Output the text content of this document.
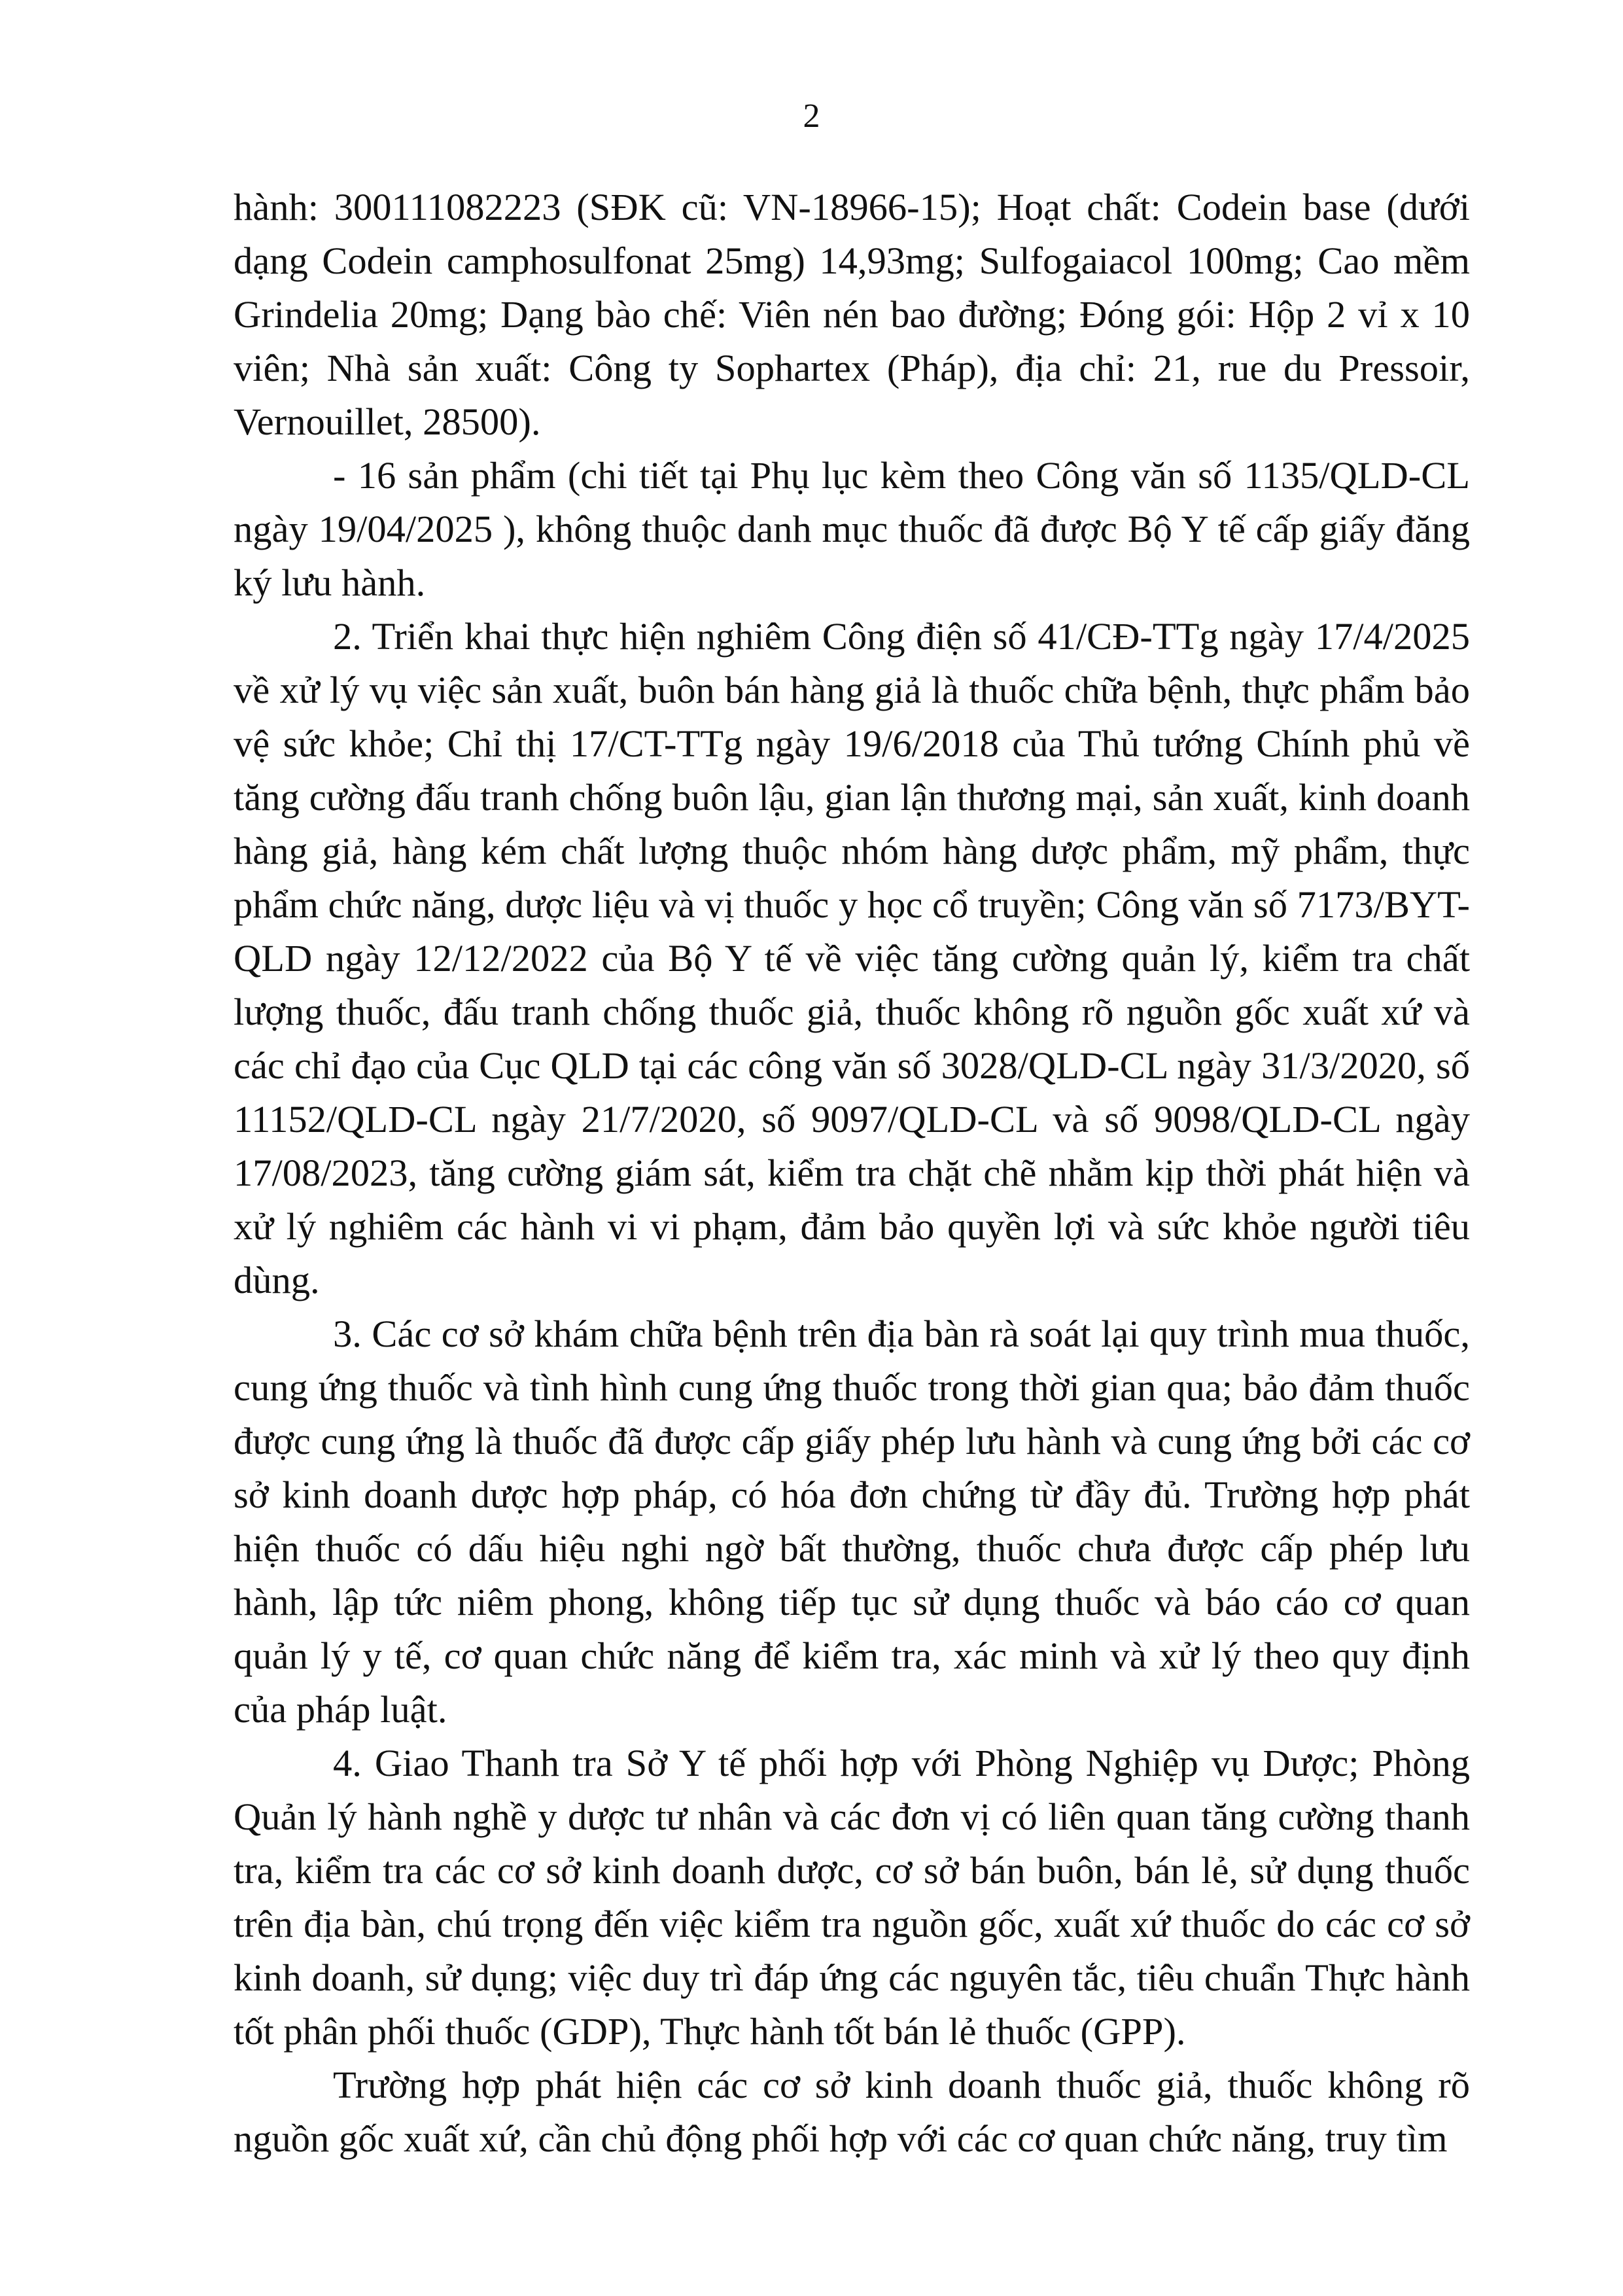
2

hành: 300111082223 (SĐK cũ: VN-18966-15); Hoạt chất: Codein base (dưới dạng Codein camphosulfonat 25mg) 14,93mg; Sulfogaiacol 100mg; Cao mềm Grindelia 20mg; Dạng bào chế: Viên nén bao đường; Đóng gói: Hộp 2 vỉ x 10 viên; Nhà sản xuất: Công ty Sophartex (Pháp), địa chỉ: 21, rue du Pressoir, Vernouillet, 28500).

- 16 sản phẩm (chi tiết tại Phụ lục kèm theo Công văn số 1135/QLD-CL ngày 19/04/2025 ), không thuộc danh mục thuốc đã được Bộ Y tế cấp giấy đăng ký lưu hành.

2. Triển khai thực hiện nghiêm Công điện số 41/CĐ-TTg ngày 17/4/2025 về xử lý vụ việc sản xuất, buôn bán hàng giả là thuốc chữa bệnh, thực phẩm bảo vệ sức khỏe; Chỉ thị 17/CT-TTg ngày 19/6/2018 của Thủ tướng Chính phủ về tăng cường đấu tranh chống buôn lậu, gian lận thương mại, sản xuất, kinh doanh hàng giả, hàng kém chất lượng thuộc nhóm hàng dược phẩm, mỹ phẩm, thực phẩm chức năng, dược liệu và vị thuốc y học cổ truyền; Công văn số 7173/BYT-QLD ngày 12/12/2022 của Bộ Y tế về việc tăng cường quản lý, kiểm tra chất lượng thuốc, đấu tranh chống thuốc giả, thuốc không rõ nguồn gốc xuất xứ và các chỉ đạo của Cục QLD tại các công văn số 3028/QLD-CL ngày 31/3/2020, số 11152/QLD-CL ngày 21/7/2020, số 9097/QLD-CL và số 9098/QLD-CL ngày 17/08/2023, tăng cường giám sát, kiểm tra chặt chẽ nhằm kịp thời phát hiện và xử lý nghiêm các hành vi vi phạm, đảm bảo quyền lợi và sức khỏe người tiêu dùng.

3. Các cơ sở khám chữa bệnh trên địa bàn rà soát lại quy trình mua thuốc, cung ứng thuốc và tình hình cung ứng thuốc trong thời gian qua; bảo đảm thuốc được cung ứng là thuốc đã được cấp giấy phép lưu hành và cung ứng bởi các cơ sở kinh doanh dược hợp pháp, có hóa đơn chứng từ đầy đủ. Trường hợp phát hiện thuốc có dấu hiệu nghi ngờ bất thường, thuốc chưa được cấp phép lưu hành, lập tức niêm phong, không tiếp tục sử dụng thuốc và báo cáo cơ quan quản lý y tế, cơ quan chức năng để kiểm tra, xác minh và xử lý theo quy định của pháp luật.

4. Giao Thanh tra Sở Y tế phối hợp với Phòng Nghiệp vụ Dược; Phòng Quản lý hành nghề y dược tư nhân và các đơn vị có liên quan tăng cường thanh tra, kiểm tra các cơ sở kinh doanh dược, cơ sở bán buôn, bán lẻ, sử dụng thuốc trên địa bàn, chú trọng đến việc kiểm tra nguồn gốc, xuất xứ thuốc do các cơ sở kinh doanh, sử dụng; việc duy trì đáp ứng các nguyên tắc, tiêu chuẩn Thực hành tốt phân phối thuốc (GDP), Thực hành tốt bán lẻ thuốc (GPP).

Trường hợp phát hiện các cơ sở kinh doanh thuốc giả, thuốc không rõ nguồn gốc xuất xứ, cần chủ động phối hợp với các cơ quan chức năng, truy tìm
